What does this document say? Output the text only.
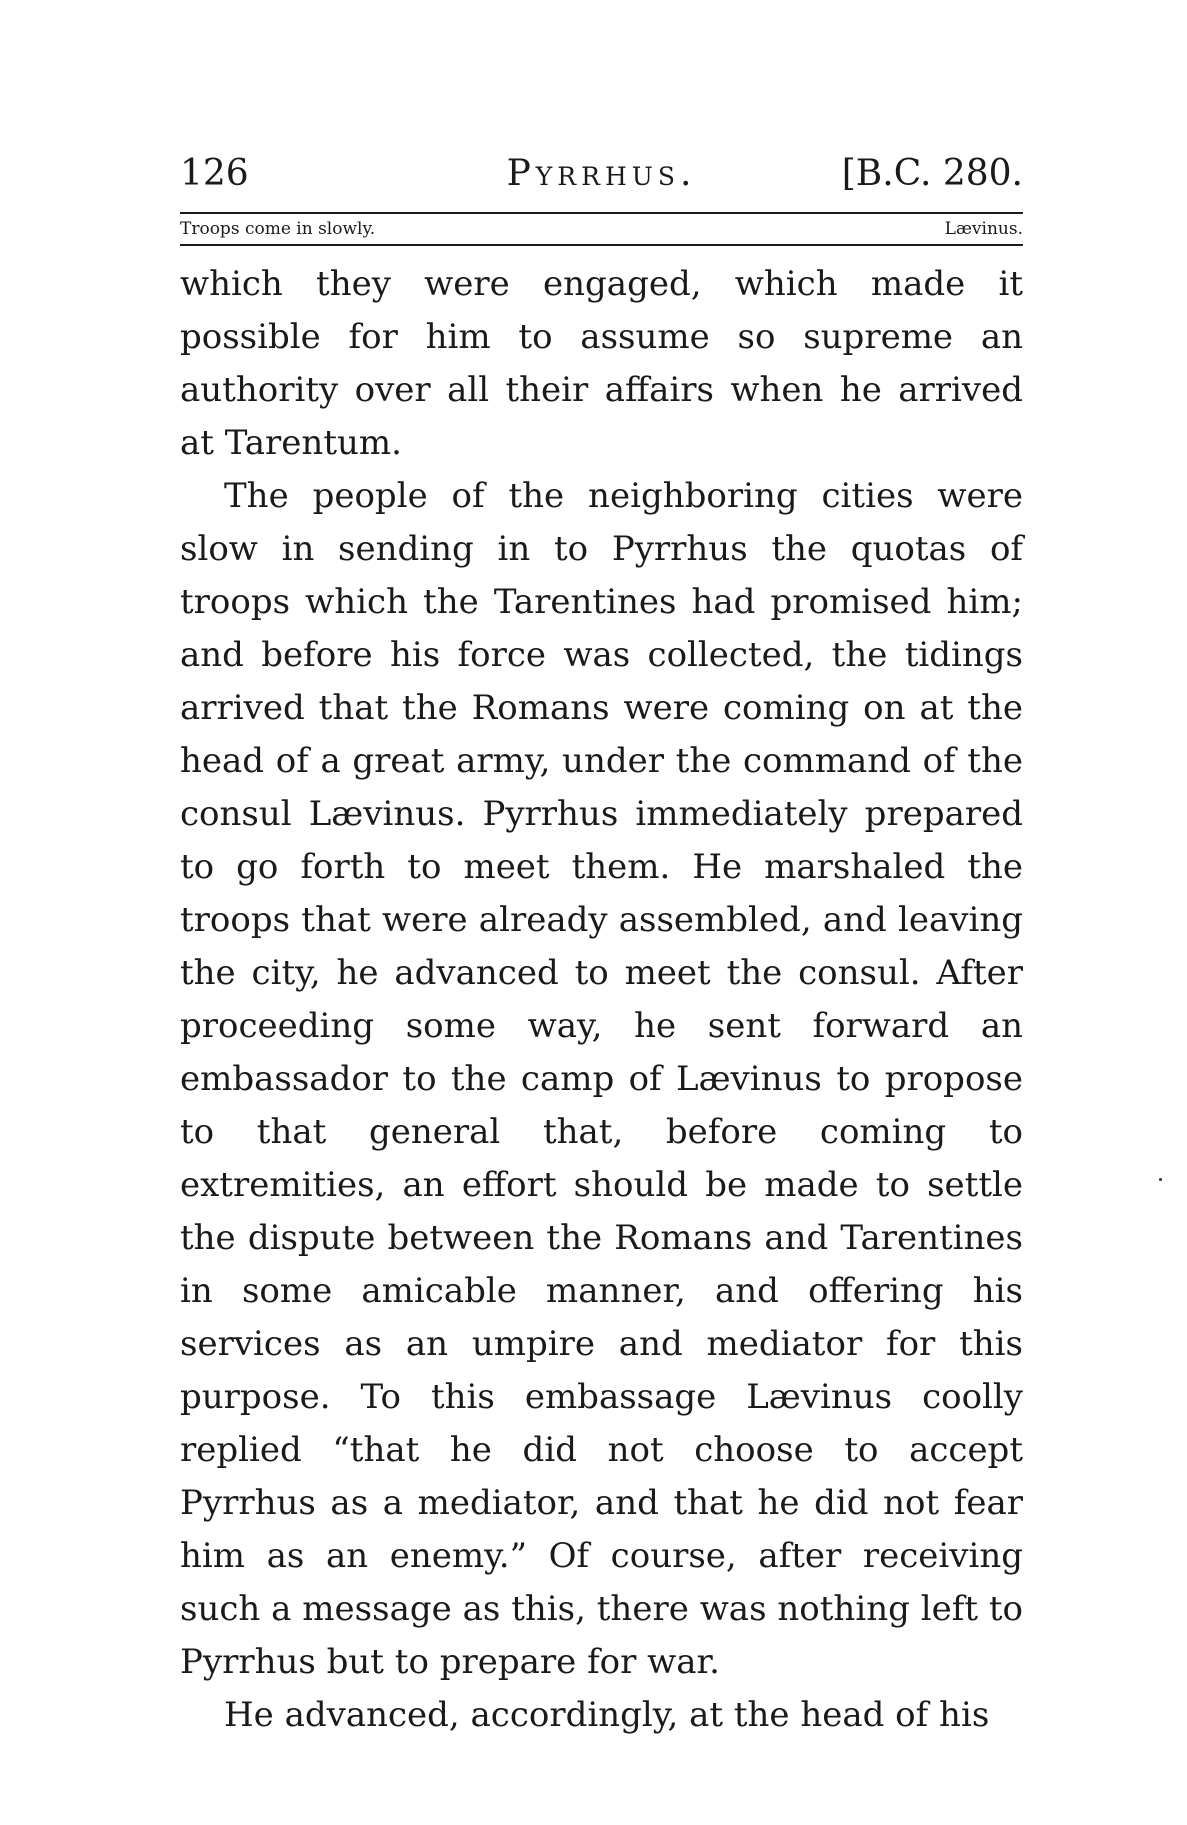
126	Pyrrhus.	[B.C. 280.
Troops come in slowly.	Lævinus.

which they were engaged, which made it possible for him to assume so supreme an authority over all their affairs when he arrived at Tarentum.

The people of the neighboring cities were slow in sending in to Pyrrhus the quotas of troops which the Tarentines had promised him; and before his force was collected, the tidings arrived that the Romans were coming on at the head of a great army, under the command of the consul Lævinus. Pyrrhus immediately prepared to go forth to meet them. He marshaled the troops that were already assembled, and leaving the city, he advanced to meet the consul. After proceeding some way, he sent forward an embassador to the camp of Lævinus to propose to that general that, before coming to extremities, an effort should be made to settle the dispute between the Romans and Tarentines in some amicable manner, and offering his services as an umpire and mediator for this purpose. To this embassage Lævinus coolly replied “that he did not choose to accept Pyrrhus as a mediator, and that he did not fear him as an enemy.” Of course, after receiving such a message as this, there was nothing left to Pyrrhus but to prepare for war.

He advanced, accordingly, at the head of his
